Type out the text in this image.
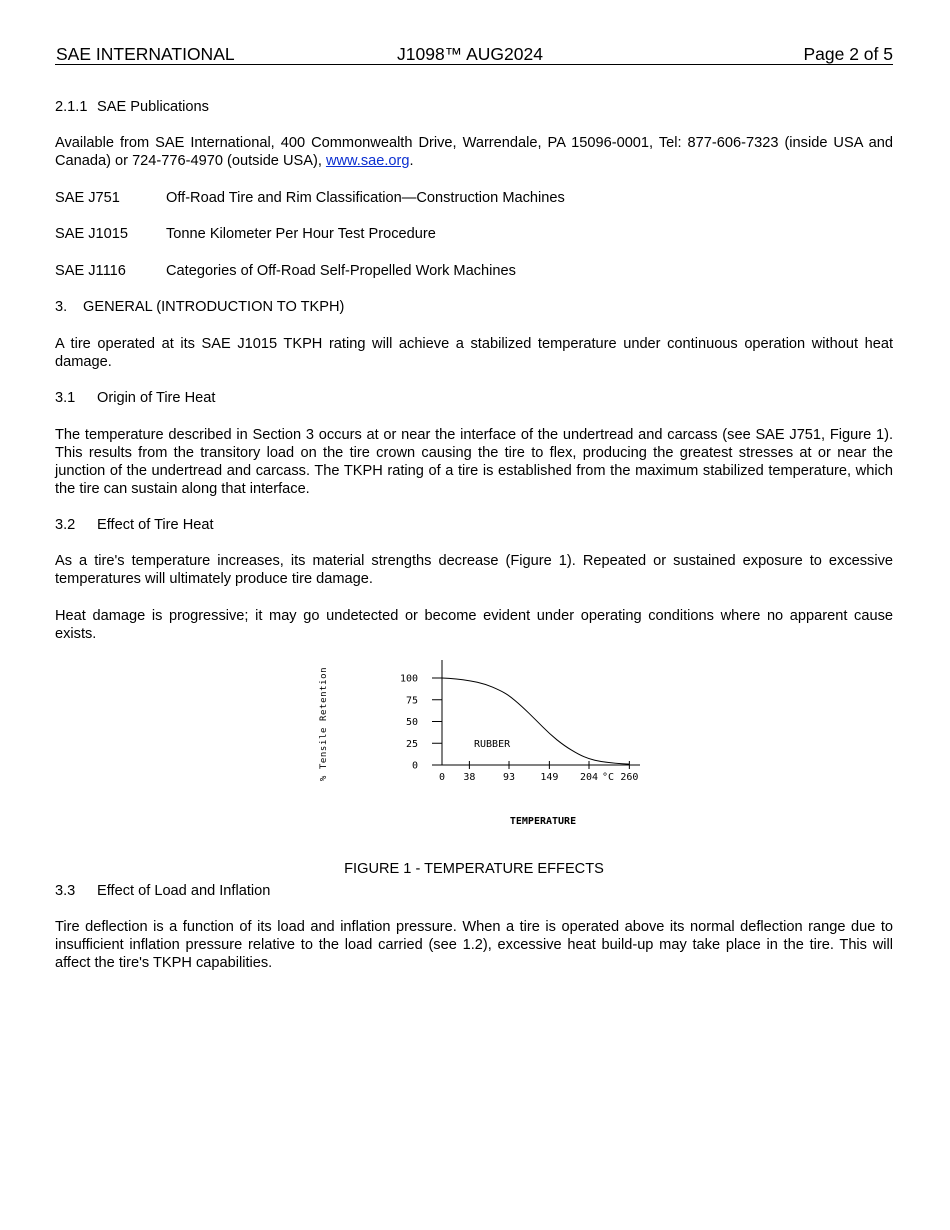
SAE INTERNATIONAL	J1098™ AUG2024	Page 2 of 5

2.1.1 SAE Publications

Available from SAE International, 400 Commonwealth Drive, Warrendale, PA 15096-0001, Tel: 877-606-7323 (inside USA and Canada) or 724-776-4970 (outside USA), www.sae.org.

SAE J751	Off-Road Tire and Rim Classification—Construction Machines

SAE J1015	Tonne Kilometer Per Hour Test Procedure

SAE J1116	Categories of Off-Road Self-Propelled Work Machines

3. GENERAL (INTRODUCTION TO TKPH)

A tire operated at its SAE J1015 TKPH rating will achieve a stabilized temperature under continuous operation without heat damage.

3.1 Origin of Tire Heat

The temperature described in Section 3 occurs at or near the interface of the undertread and carcass (see SAE J751, Figure 1). This results from the transitory load on the tire crown causing the tire to flex, producing the greatest stresses at or near the junction of the undertread and carcass. The TKPH rating of a tire is established from the maximum stabilized temperature, which the tire can sustain along that interface.

3.2 Effect of Tire Heat

As a tire's temperature increases, its material strengths decrease (Figure 1). Repeated or sustained exposure to excessive temperatures will ultimately produce tire damage.

Heat damage is progressive; it may go undetected or become evident under operating conditions where no apparent cause exists.

100
75
50
25
0
0 38	93	149 204 260
% Tensile Retention	°C
RUBBER
TEMPERATURE

FIGURE 1 - TEMPERATURE EFFECTS

3.3 Effect of Load and Inflation

Tire deflection is a function of its load and inflation pressure. When a tire is operated above its normal deflection range due to insufficient inflation pressure relative to the load carried (see 1.2), excessive heat build-up may take place in the tire. This will affect the tire's TKPH capabilities.
